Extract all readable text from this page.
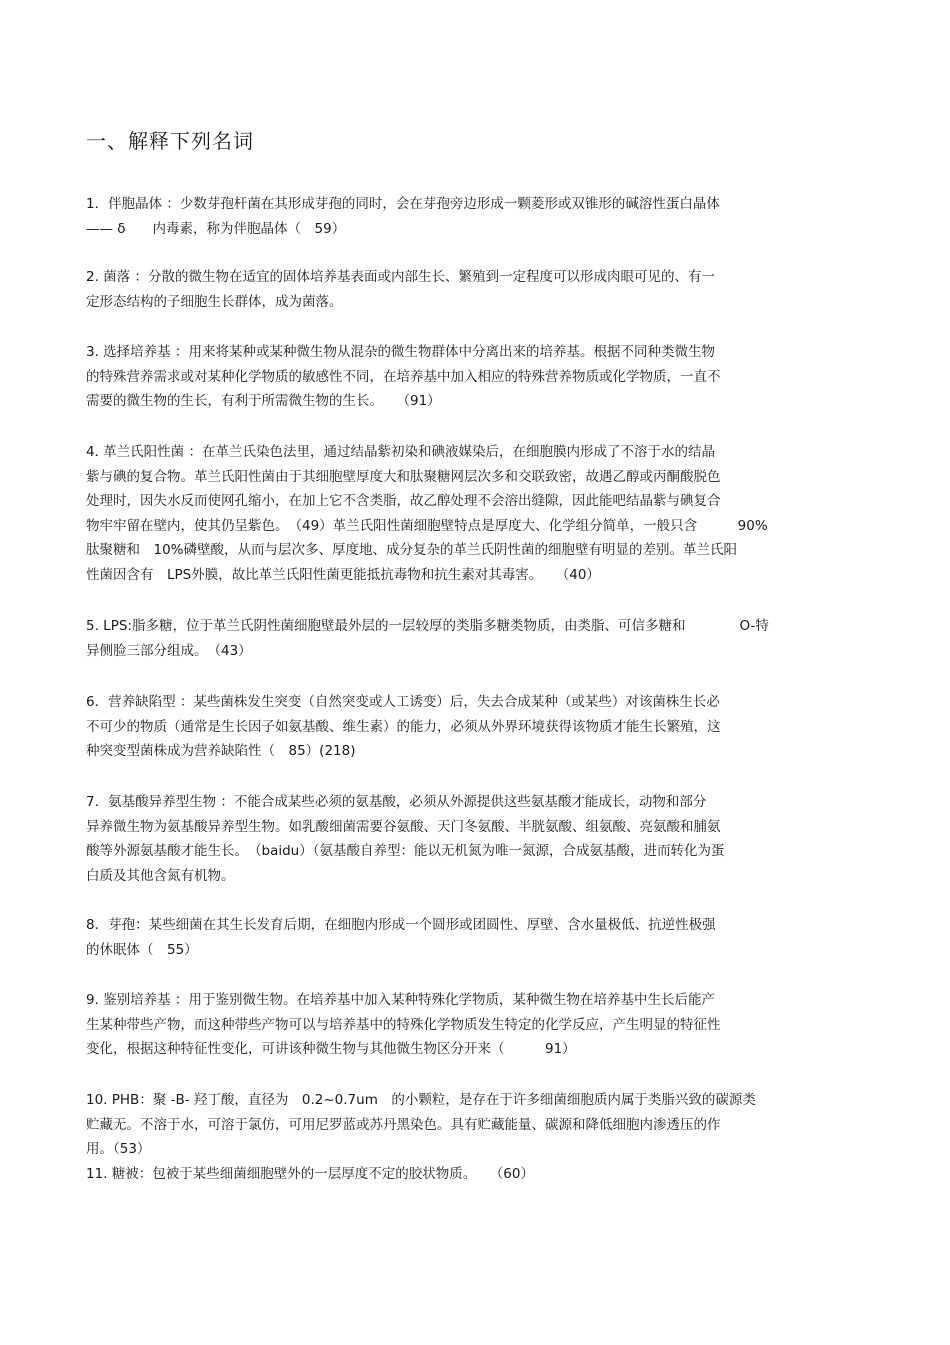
一、解释下列名词
1．伴胞晶体 ：少数芽孢杆菌在其形成芽孢的同时，会在芽孢旁边形成一颗菱形或双锥形的碱溶性蛋白晶体
—— δ　　内毒素，称为伴胞晶体（　59）
2. 菌落 ：分散的微生物在适宜的固体培养基表面或内部生长、繁殖到一定程度可以形成肉眼可见的、有一
定形态结构的子细胞生长群体，成为菌落。
3. 选择培养基 ：用来将某种或某种微生物从混杂的微生物群体中分离出来的培养基。根据不同种类微生物
的特殊营养需求或对某种化学物质的敏感性不同，在培养基中加入相应的特殊营养物质或化学物质，一直不
需要的微生物的生长，有利于所需微生物的生长。　　（91）
4. 革兰氏阳性菌 ：在革兰氏染色法里，通过结晶紫初染和碘液媒染后，在细胞膜内形成了不溶于水的结晶
紫与碘的复合物。革兰氏阳性菌由于其细胞壁厚度大和肽聚糖网层次多和交联致密，故遇乙醇或丙酮酸脱色
处理时，因失水反而使网孔缩小，在加上它不含类脂，故乙醇处理不会溶出缝隙，因此能吧结晶紫与碘复合
物牢牢留在壁内，使其仍呈紫色。　（49）革兰氏阳性菌细胞壁特点是厚度大、化学组分简单，一般只含　　　90%
肽聚糖和　10%磷壁酸，从而与层次多、厚度地、成分复杂的革兰氏阴性菌的细胞壁有明显的差别。革兰氏阳
性菌因含有　LPS外膜，故比革兰氏阳性菌更能抵抗毒物和抗生素对其毒害。　　（40）
5. LPS:脂多糖，位于革兰氏阴性菌细胞壁最外层的一层较厚的类脂多糖类物质，由类脂、可信多糖和　　　　O-特
异侧脸三部分组成。　（43）
6．营养缺陷型 ：某些菌株发生突变（自然突变或人工诱变）后，失去合成某种（或某些）对该菌株生长必
不可少的物质（通常是生长因子如氨基酸、维生素）的能力，必须从外界环境获得该物质才能生长繁殖，这
种突变型菌株成为营养缺陷性（　85）(218)
7．氨基酸异养型生物 ：不能合成某些必须的氨基酸，必须从外源提供这些氨基酸才能成长，动物和部分
异养微生物为氨基酸异养型生物。如乳酸细菌需要谷氨酸、天门冬氨酸、半胱氨酸、组氨酸、亮氨酸和脯氨
酸等外源氨基酸才能生长。　（baidu）（氨基酸自养型：能以无机氮为唯一氮源，合成氨基酸，进而转化为蛋
白质及其他含氮有机物。
8．芽孢：某些细菌在其生长发育后期，在细胞内形成一个圆形或团圆性、厚壁、含水量极低、抗逆性极强
的休眠体（　55）
9. 鉴别培养基 ：用于鉴别微生物。在培养基中加入某种特殊化学物质，某种微生物在培养基中生长后能产
生某种带些产物，而这种带些产物可以与培养基中的特殊化学物质发生特定的化学反应，产生明显的特征性
变化，根据这种特征性变化，可讲该种微生物与其他微生物区分开来（　　　91）
10. PHB：聚 -B- 羟丁酸，直径为　0.2~0.7um　的小颗粒，是存在于许多细菌细胞质内属于类脂兴致的碳源类
贮藏无。不溶于水，可溶于氯仿，可用尼罗蓝或苏丹黑染色。具有贮藏能量、碳源和降低细胞内渗透压的作
用。（53）
11. 糖被：包被于某些细菌细胞壁外的一层厚度不定的胶状物质。　　（60）
